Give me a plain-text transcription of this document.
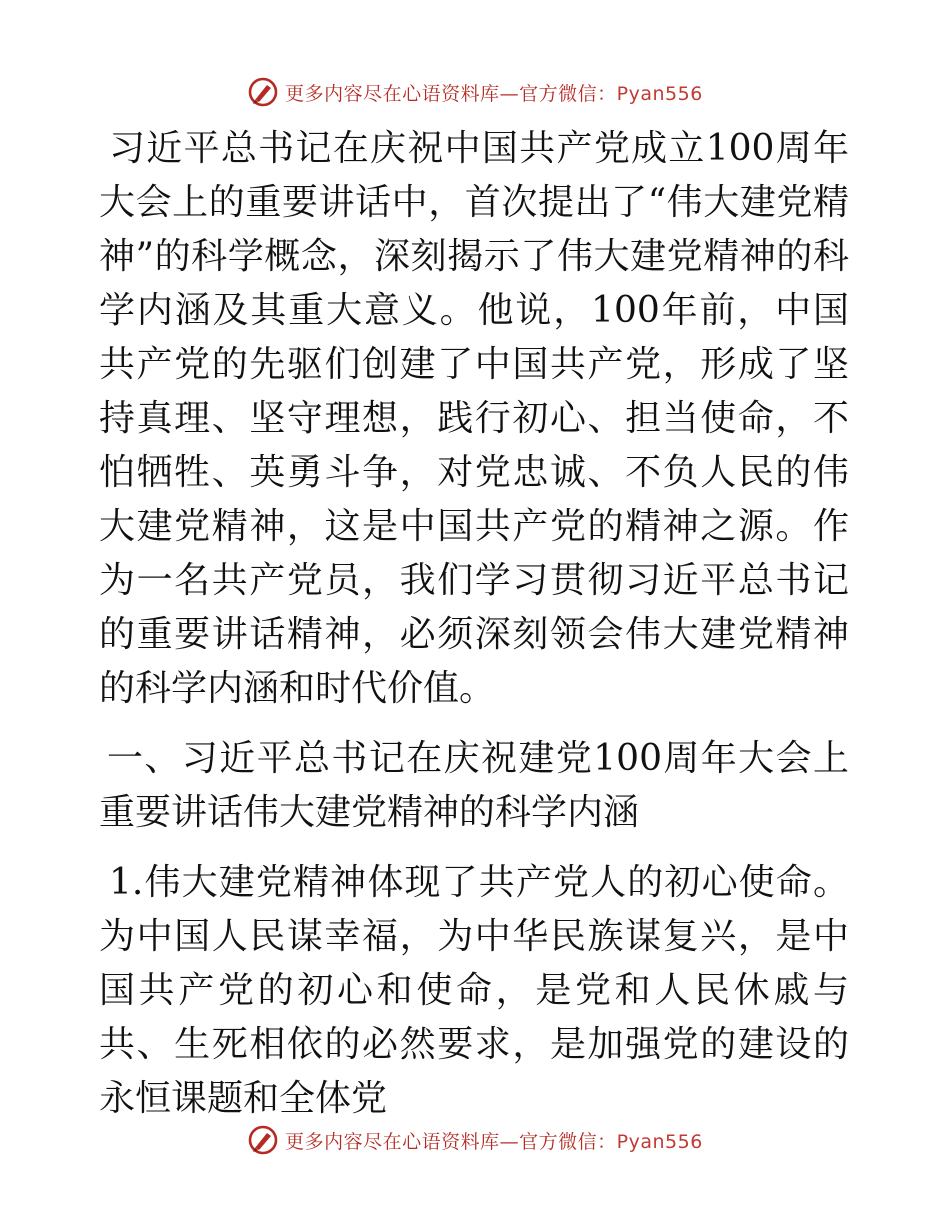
更多内容尽在心语资料库—官方微信：Pyan556

习近平总书记在庆祝中国共产党成立100周年大会上的重要讲话中，首次提出了“伟大建党精神”的科学概念，深刻揭示了伟大建党精神的科学内涵及其重大意义。他说，100年前，中国共产党的先驱们创建了中国共产党，形成了坚持真理、坚守理想，践行初心、担当使命，不怕牺牲、英勇斗争，对党忠诚、不负人民的伟大建党精神，这是中国共产党的精神之源。作为一名共产党员，我们学习贯彻习近平总书记的重要讲话精神，必须深刻领会伟大建党精神的科学内涵和时代价值。

一、习近平总书记在庆祝建党100周年大会上重要讲话伟大建党精神的科学内涵

1.伟大建党精神体现了共产党人的初心使命。为中国人民谋幸福，为中华民族谋复兴，是中国共产党的初心和使命，是党和人民休戚与共、生死相依的必然要求，是加强党的建设的永恒课题和全体党

更多内容尽在心语资料库—官方微信：Pyan556
